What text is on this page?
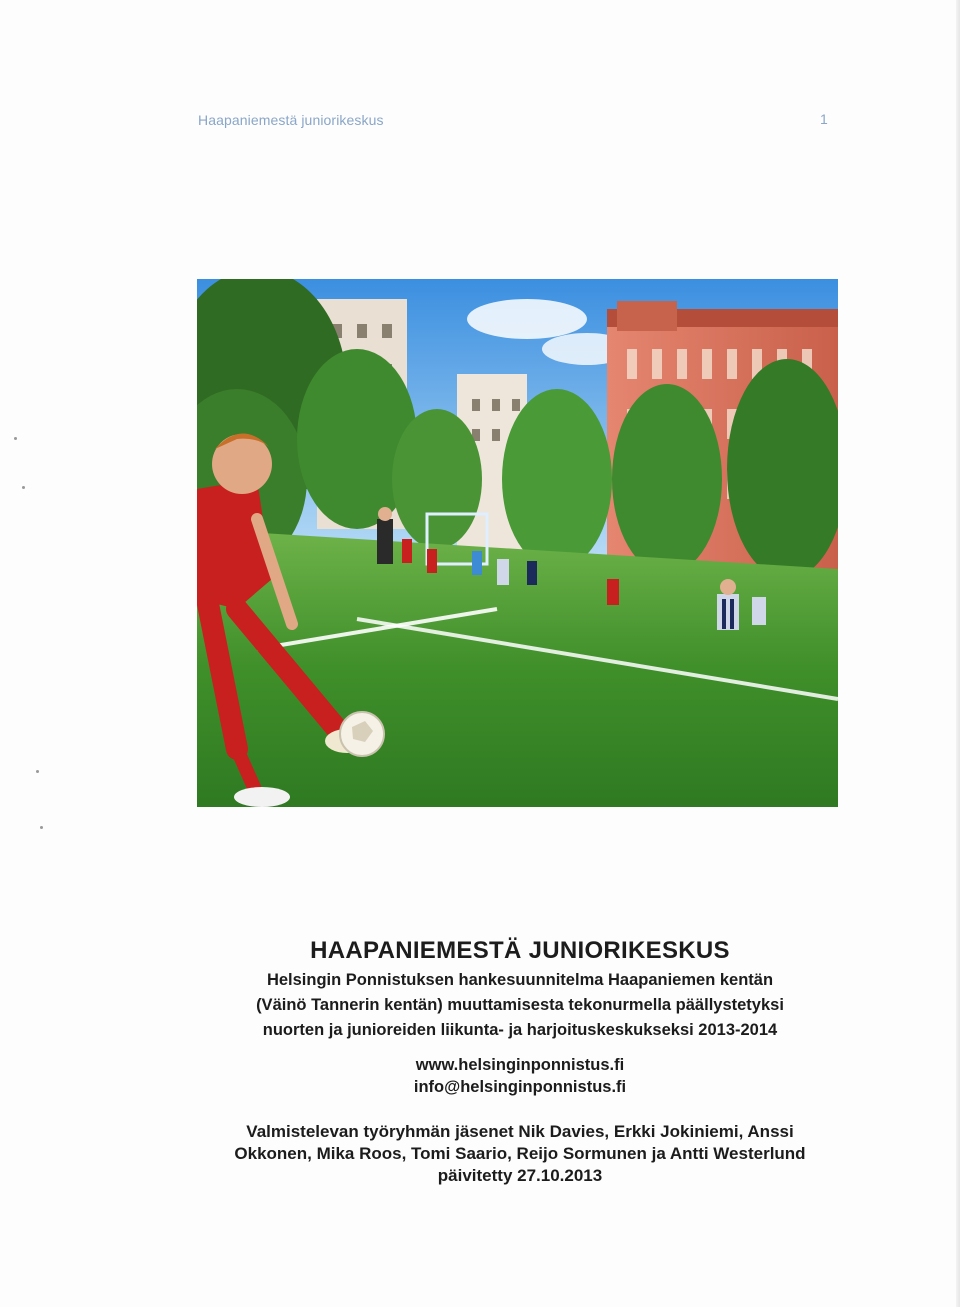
Haapaniemestä juniorikeskus	1
HAAPANIEMESTÄ JUNIORIKESKUS
Helsingin Ponnistuksen hankesuunnitelma Haapaniemen kentän
(Väinö Tannerin kentän) muuttamisesta tekonurmella päällystetyksi
nuorten ja junioreiden liikunta- ja harjoituskeskukseksi 2013-2014
www.helsinginponnistus.fi
info@helsinginponnistus.fi
Valmistelevan työryhmän jäsenet Nik Davies, Erkki Jokiniemi, Anssi
Okkonen, Mika Roos, Tomi Saario, Reijo Sormunen ja Antti Westerlund
päivitetty 27.10.2013
